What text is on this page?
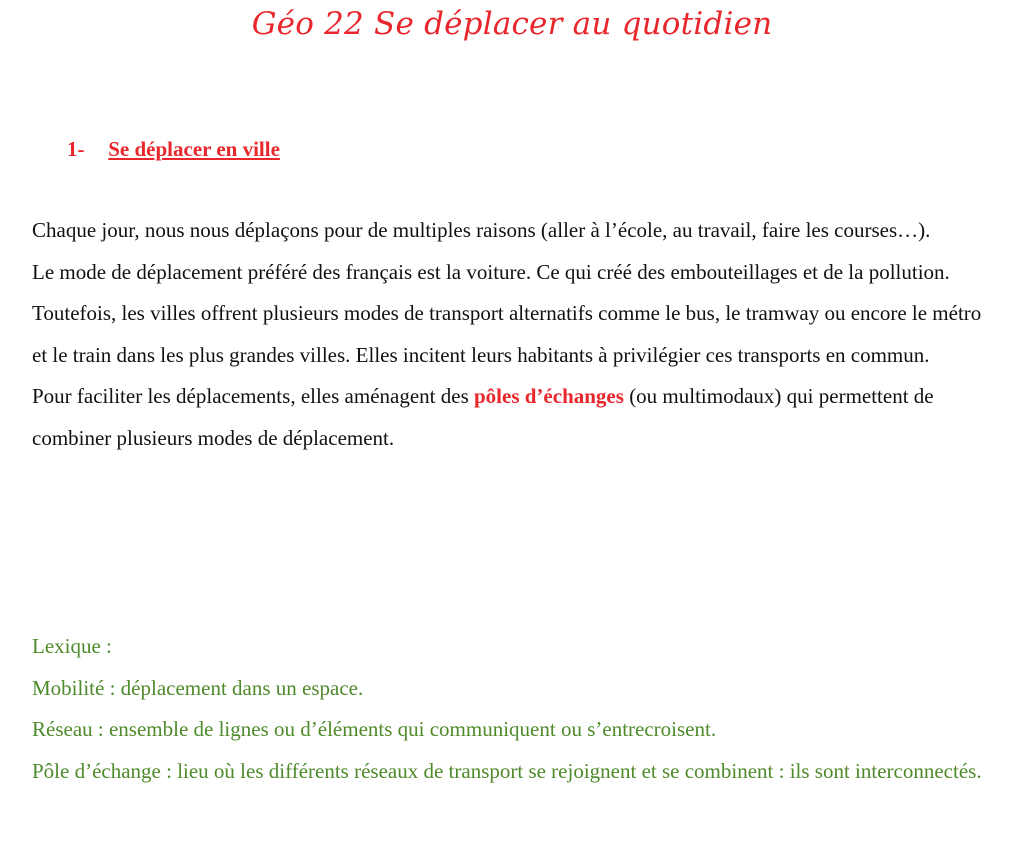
Géo 22 Se déplacer au quotidien
1- Se déplacer en ville

Chaque jour, nous nous déplaçons pour de multiples raisons (aller à l’école, au travail, faire les courses…).

Le mode de déplacement préféré des français est la voiture. Ce qui créé des embouteillages et de la pollution.

Toutefois, les villes offrent plusieurs modes de transport alternatifs comme le bus, le tramway ou encore le métro et le train dans les plus grandes villes. Elles incitent leurs habitants à privilégier ces transports en commun.

Pour faciliter les déplacements, elles aménagent des pôles d’échanges (ou multimodaux) qui permettent de combiner plusieurs modes de déplacement.

Lexique :

Mobilité : déplacement dans un espace.

Réseau : ensemble de lignes ou d’éléments qui communiquent ou s’entrecroisent.

Pôle d’échange : lieu où les différents réseaux de transport se rejoignent et se combinent : ils sont interconnectés.
